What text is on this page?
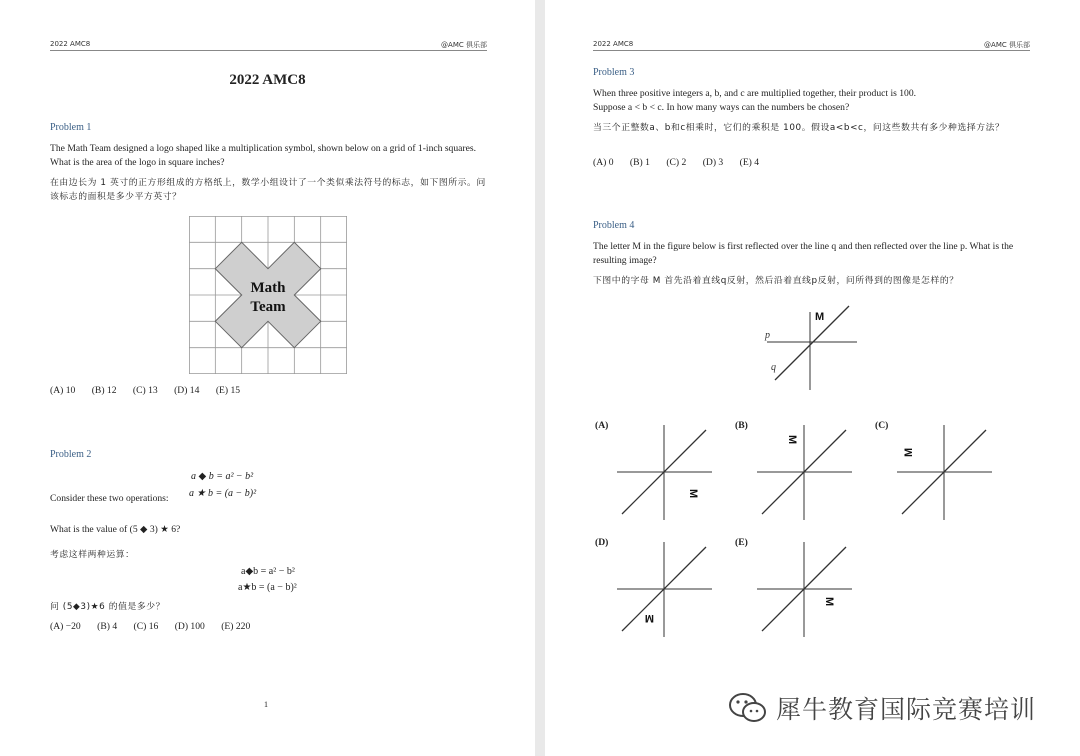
2022 AMC8	@AMC 俱乐部
2022 AMC8
Problem 1
The Math Team designed a logo shaped like a multiplication symbol, shown below on a grid of 1-inch squares. What is the area of the logo in square inches?
在由边长为 1 英寸的正方形组成的方格纸上，数学小组设计了一个类似乘法符号的标志，如下图所示。问该标志的面积是多少平方英寸？
Math
Team
(A) 10 (B) 12 (C) 13 (D) 14 (E) 15
Problem 2
a ◆ b = a² − b²
Consider these two operations: a ★ b = (a − b)²
What is the value of (5 ◆ 3) ★ 6?
考虑这样两种运算：
a◆b = a² − b²
a★b = (a − b)²
问 (5◆3)★6 的值是多少？
(A) −20 (B) 4 (C) 16 (D) 100 (E) 220
1
2022 AMC8	@AMC 俱乐部
Problem 3
When three positive integers a, b, and c are multiplied together, their product is 100.
Suppose a < b < c. In how many ways can the numbers be chosen?
当三个正整数a、b和c相乘时，它们的乘积是 100。假设a<b<c，问这些数共有多少种选择方法？
(A) 0 (B) 1 (C) 2 (D) 3 (E) 4
Problem 4
The letter M in the figure below is first reflected over the line q and then reflected over the line p. What is the resulting image?
下图中的字母 M 首先沿着直线q反射，然后沿着直线p反射，问所得到的图像是怎样的？
p
q
M
(A)	(B)	(C)
(D)	(E)
M
M
M
M
M
犀牛教育国际竞赛培训
